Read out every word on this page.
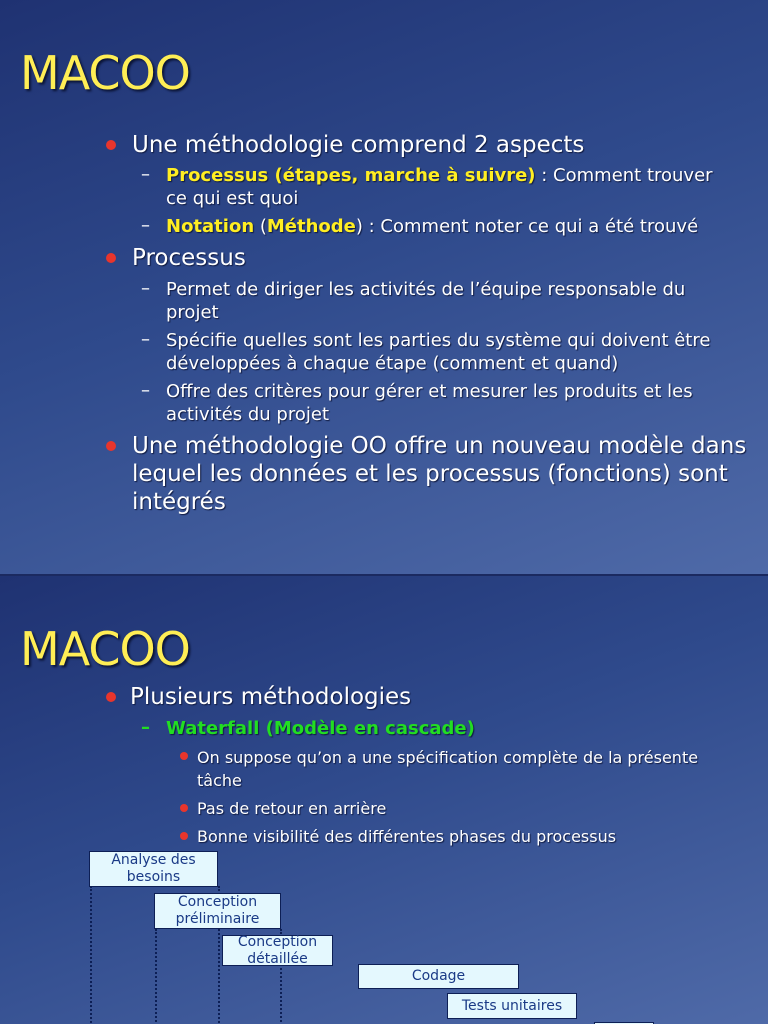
MACOO

Une méthodologie comprend 2 aspects

– Processus (étapes, marche à suivre) : Comment trouver

ce qui est quoi

– Notation (Méthode) : Comment noter ce qui a été trouvé

Processus

– Permet de diriger les activités de l’équipe responsable du

projet

– Spécifie quelles sont les parties du système qui doivent être

développées à chaque étape (comment et quand)

– Offre des critères pour gérer et mesurer les produits et les

activités du projet

Une méthodologie OO offre un nouveau modèle dans

lequel les données et les processus (fonctions) sont

intégrés

MACOO

Plusieurs méthodologies

– Waterfall (Modèle en cascade)

On suppose qu’on a une spécification complète de la présente

tâche

Pas de retour en arrière

Bonne visibilité des différentes phases du processus

Analyse des
besoins
Conception
préliminaire
Conception
détaillée
Codage
Tests unitaires
